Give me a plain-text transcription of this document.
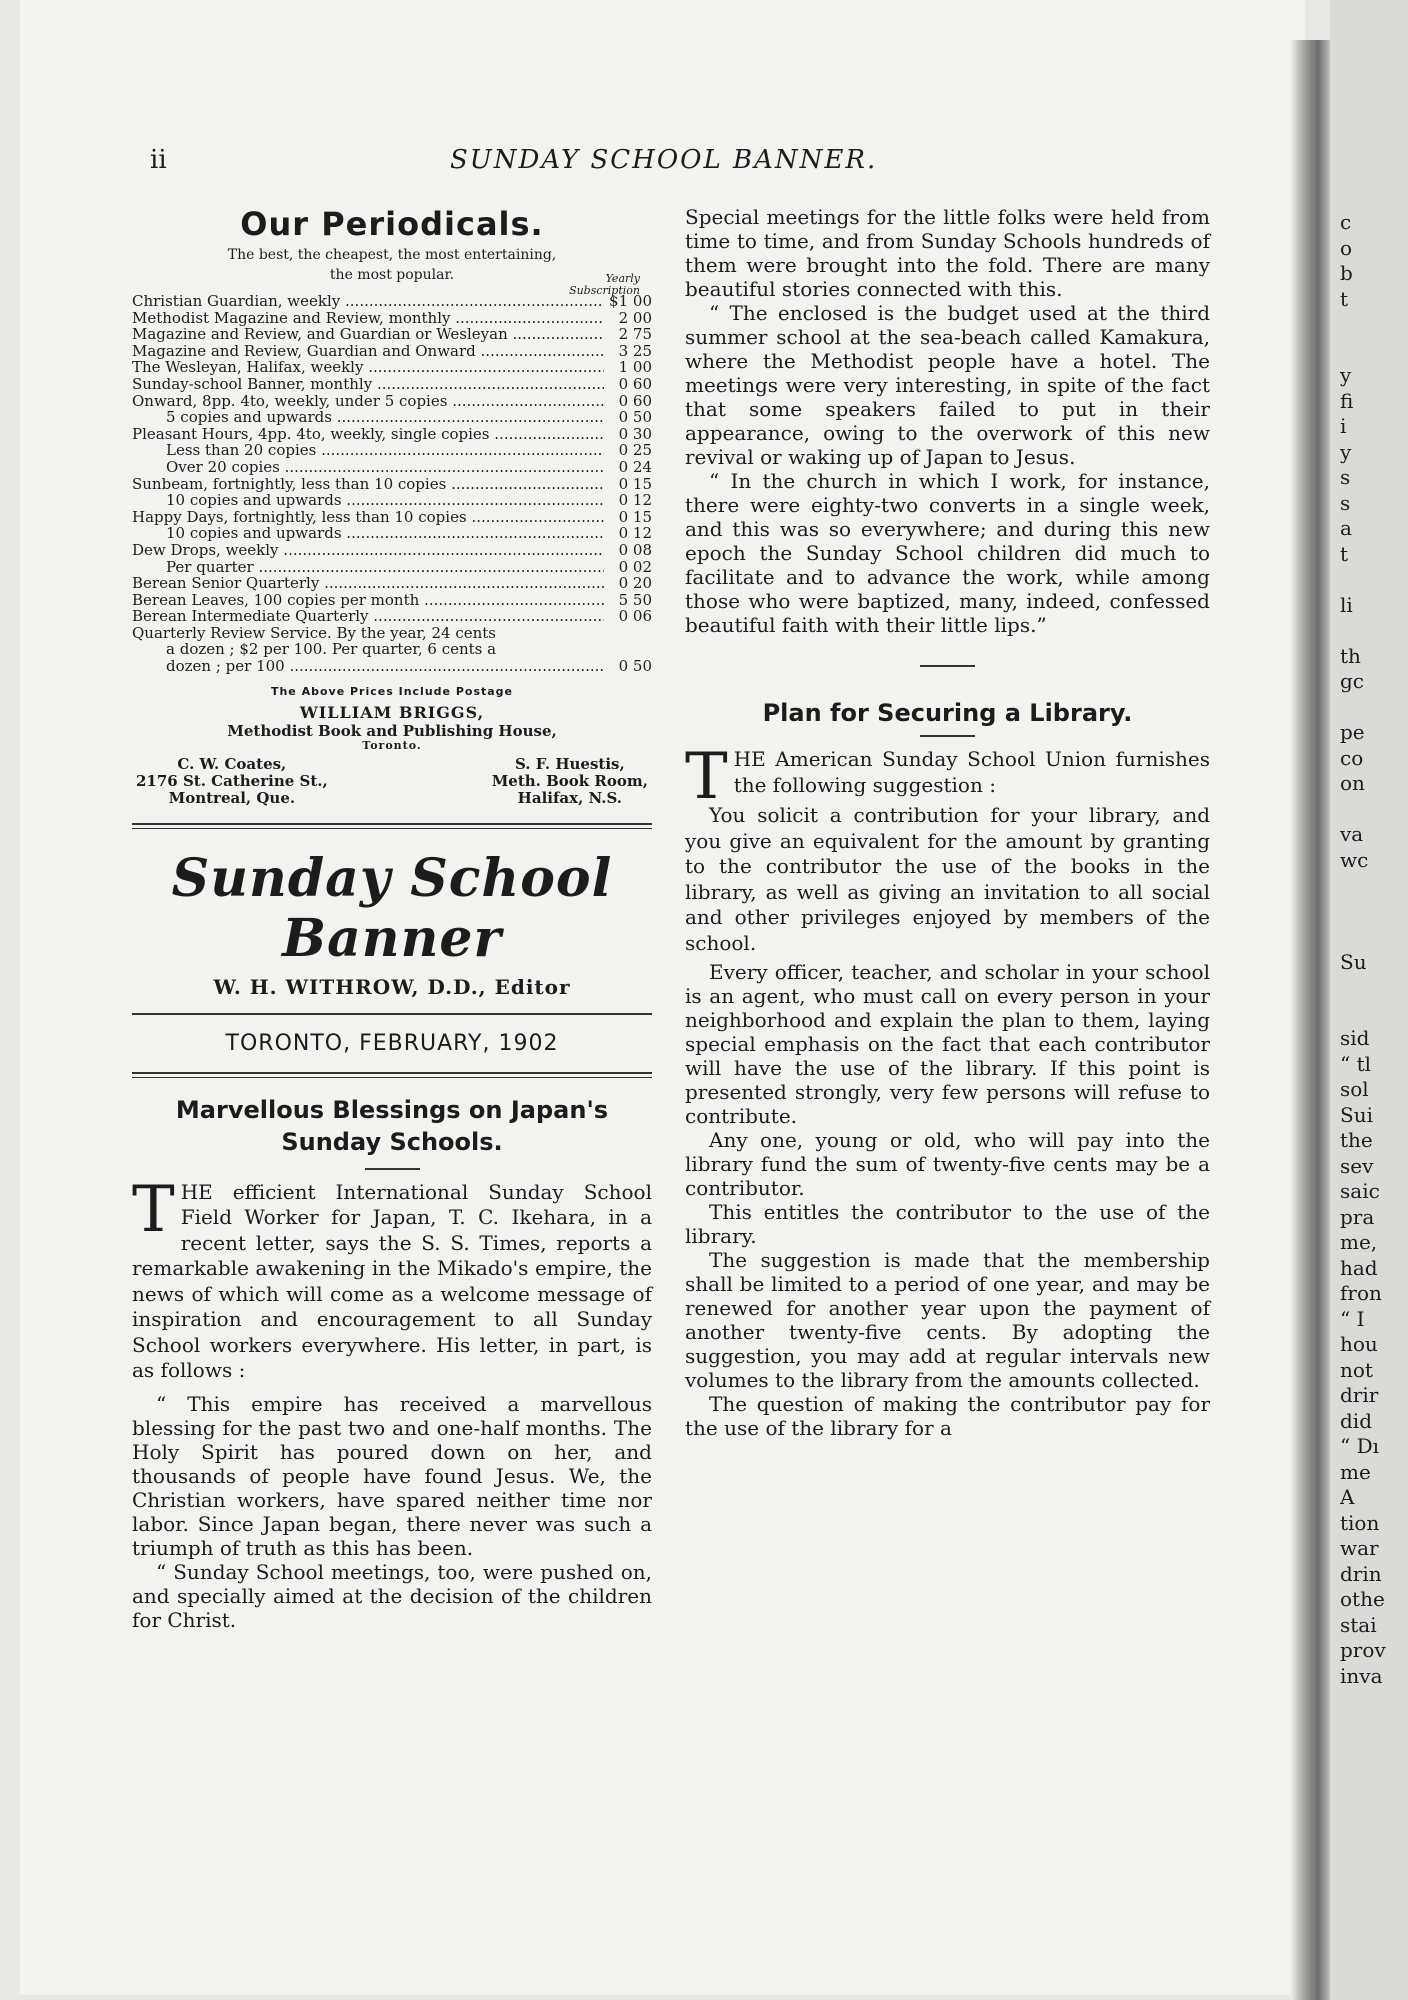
ii	SUNDAY SCHOOL BANNER.
Our Periodicals.
The best, the cheapest, the most entertaining,
the most popular.	Yearly
Subscription
Christian Guardian, weekly .....	$1 00
Methodist Magazine and Review, monthly .....	2 00
Magazine and Review, and Guardian or Wesleyan .....	2 75
Magazine and Review, Guardian and Onward .....	3 25
The Wesleyan, Halifax, weekly .....	1 00
Sunday-school Banner, monthly .....	0 60
Onward, 8pp. 4to, weekly, under 5 copies .....	0 60
5 copies and upwards .....	0 50
Pleasant Hours, 4pp. 4to, weekly, single copies .....	0 30
Less than 20 copies .....	0 25
Over 20 copies .....	0 24
Sunbeam, fortnightly, less than 10 copies .....	0 15
10 copies and upwards .....	0 12
Happy Days, fortnightly, less than 10 copies .....	0 15
10 copies and upwards .....	0 12
Dew Drops, weekly .....	0 08
Per quarter .....	0 02
Berean Senior Quarterly .....	0 20
Berean Leaves, 100 copies per month .....	5 50
Berean Intermediate Quarterly .....	0 06
Quarterly Review Service. By the year, 24 cents
a dozen ; $2 per 100. Per quarter, 6 cents a
dozen ; per 100 .....	0 50
The Above Prices Include Postage
WILLIAM BRIGGS,
Methodist Book and Publishing House,
Toronto.
C. W. Coates,
2176 St. Catherine St.,
Montreal, Que.
S. F. Huestis,
Meth. Book Room,
Halifax, N.S.
Sunday School Banner
W. H. WITHROW, D.D., Editor
TORONTO, FEBRUARY, 1902
Marvellous Blessings on Japan's
Sunday Schools.
T HE efficient International Sunday School Field Worker for Japan, T. C. Ikehara, in a recent letter, says the S. S. Times, reports a remarkable awakening in the Mikado's empire, the news of which will come as a welcome message of inspiration and encouragement to all Sunday School workers everywhere. His letter, in part, is as follows :

“ This empire has received a marvellous blessing for the past two and one-half months. The Holy Spirit has poured down on her, and thousands of people have found Jesus. We, the Christian workers, have spared neither time nor labor. Since Japan began, there never was such a triumph of truth as this has been.

“ Sunday School meetings, too, were pushed on, and specially aimed at the decision of the children for Christ.

Special meetings for the little folks were held from time to time, and from Sunday Schools hundreds of them were brought into the fold. There are many beautiful stories connected with this.

“ The enclosed is the budget used at the third summer school at the sea-beach called Kamakura, where the Methodist people have a hotel. The meetings were very interesting, in spite of the fact that some speakers failed to put in their appearance, owing to the overwork of this new revival or waking up of Japan to Jesus.

“ In the church in which I work, for instance, there were eighty-two converts in a single week, and this was so everywhere; and during this new epoch the Sunday School children did much to facilitate and to advance the work, while among those who were baptized, many, indeed, confessed beautiful faith with their little lips.”

Plan for Securing a Library.
T HE American Sunday School Union furnishes the following suggestion :

You solicit a contribution for your library, and you give an equivalent for the amount by granting to the contributor the use of the books in the library, as well as giving an invitation to all social and other privileges enjoyed by members of the school.

Every officer, teacher, and scholar in your school is an agent, who must call on every person in your neighborhood and explain the plan to them, laying special emphasis on the fact that each contributor will have the use of the library. If this point is presented strongly, very few persons will refuse to contribute.

Any one, young or old, who will pay into the library fund the sum of twenty-five cents may be a contributor.

This entitles the contributor to the use of the library.

The suggestion is made that the membership shall be limited to a period of one year, and may be renewed for another year upon the payment of another twenty-five cents. By adopting the suggestion, you may add at regular intervals new volumes to the library from the amounts collected.

The question of making the contributor pay for the use of the library for a

c
o
b
t

y
fi
i
y
s
s
a
t

li

th
gc

pe
co
on

va
wc

Su

sid
“ tl
sol
Sui
the
sev
saic
pra
me,
had
fron
“ I
hou
not
drir
did
“ Dı
me
A
tion
war
drin
othe
stai
prov
inva
